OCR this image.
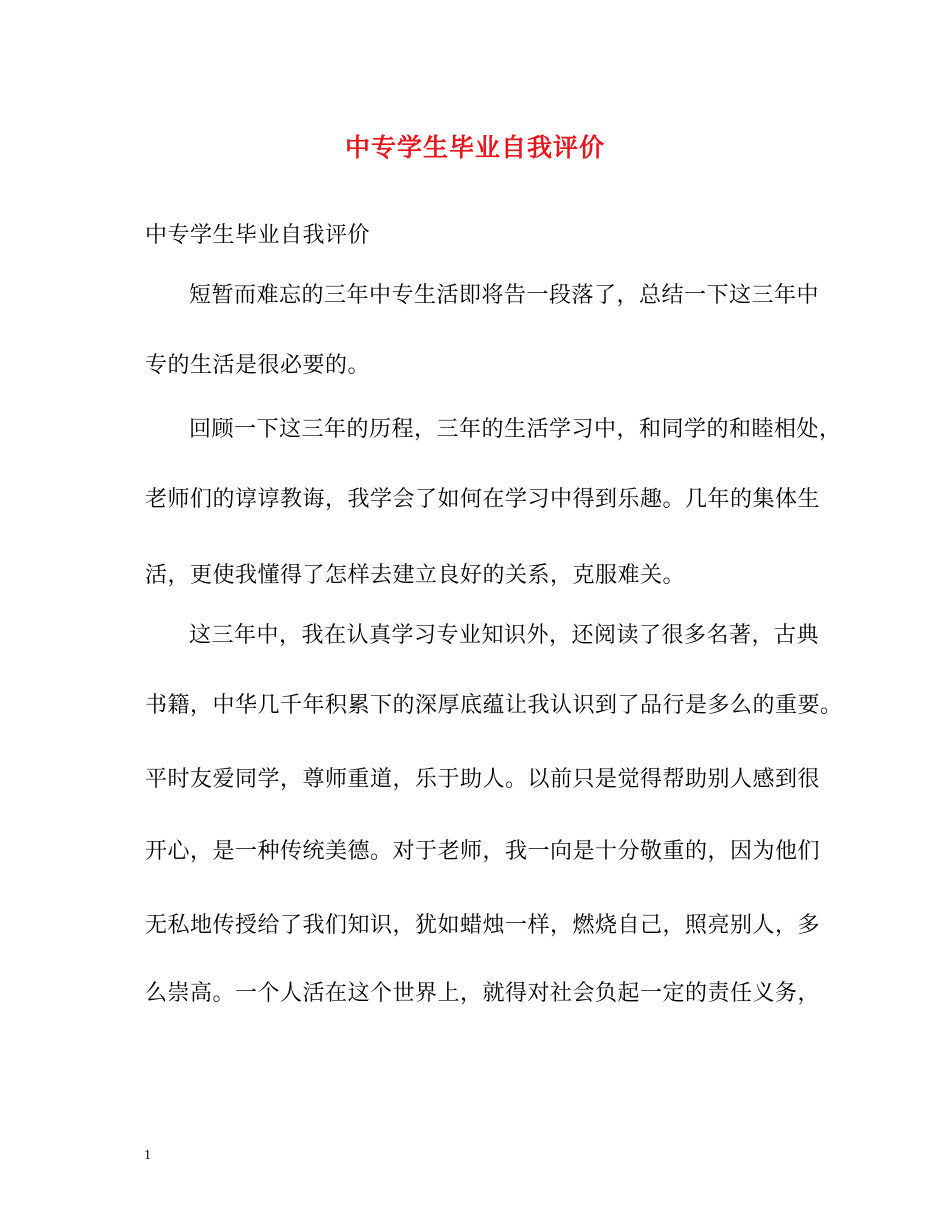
中专学生毕业自我评价
中专学生毕业自我评价
短暂而难忘的三年中专生活即将告一段落了，总结一下这三年中
专的生活是很必要的。
回顾一下这三年的历程，三年的生活学习中，和同学的和睦相处，
老师们的谆谆教诲，我学会了如何在学习中得到乐趣。几年的集体生
活，更使我懂得了怎样去建立良好的关系，克服难关。
这三年中，我在认真学习专业知识外，还阅读了很多名著，古典
书籍，中华几千年积累下的深厚底蕴让我认识到了品行是多么的重要。
平时友爱同学，尊师重道，乐于助人。以前只是觉得帮助别人感到很
开心，是一种传统美德。对于老师，我一向是十分敬重的，因为他们
无私地传授给了我们知识，犹如蜡烛一样，燃烧自己，照亮别人，多
么崇高。一个人活在这个世界上，就得对社会负起一定的责任义务，
1
